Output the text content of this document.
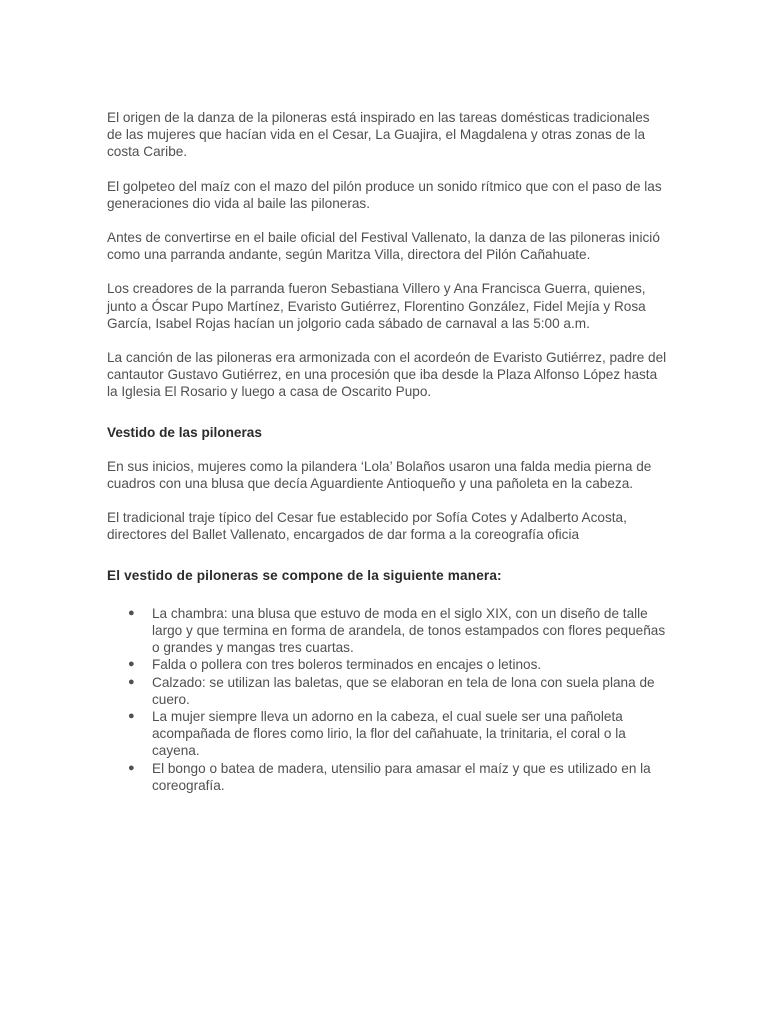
El origen de la danza de la piloneras está inspirado en las tareas domésticas tradicionales de las mujeres que hacían vida en el Cesar, La Guajira, el Magdalena y otras zonas de la costa Caribe.

El golpeteo del maíz con el mazo del pilón produce un sonido rítmico que con el paso de las generaciones dio vida al baile las piloneras.

Antes de convertirse en el baile oficial del Festival Vallenato, la danza de las piloneras inició como una parranda andante, según Maritza Villa, directora del Pilón Cañahuate.

Los creadores de la parranda fueron Sebastiana Villero y Ana Francisca Guerra, quienes, junto a Óscar Pupo Martínez, Evaristo Gutiérrez, Florentino González, Fidel Mejía y Rosa García, Isabel Rojas hacían un jolgorio cada sábado de carnaval a las 5:00 a.m.

La canción de las piloneras era armonizada con el acordeón de Evaristo Gutiérrez, padre del cantautor Gustavo Gutiérrez, en una procesión que iba desde la Plaza Alfonso López hasta la Iglesia El Rosario y luego a casa de Oscarito Pupo.

Vestido de las piloneras

En sus inicios, mujeres como la pilandera ‘Lola’ Bolaños usaron una falda media pierna de cuadros con una blusa que decía Aguardiente Antioqueño y una pañoleta en la cabeza.

El tradicional traje típico del Cesar fue establecido por Sofía Cotes y Adalberto Acosta, directores del Ballet Vallenato, encargados de dar forma a la coreografía oficia

El vestido de piloneras se compone de la siguiente manera:

● La chambra: una blusa que estuvo de moda en el siglo XIX, con un diseño de talle largo y que termina en forma de arandela, de tonos estampados con flores pequeñas o grandes y mangas tres cuartas.
● Falda o pollera con tres boleros terminados en encajes o letinos.
● Calzado: se utilizan las baletas, que se elaboran en tela de lona con suela plana de cuero.
● La mujer siempre lleva un adorno en la cabeza, el cual suele ser una pañoleta acompañada de flores como lirio, la flor del cañahuate, la trinitaria, el coral o la cayena.
● El bongo o batea de madera, utensilio para amasar el maíz y que es utilizado en la coreografía.
